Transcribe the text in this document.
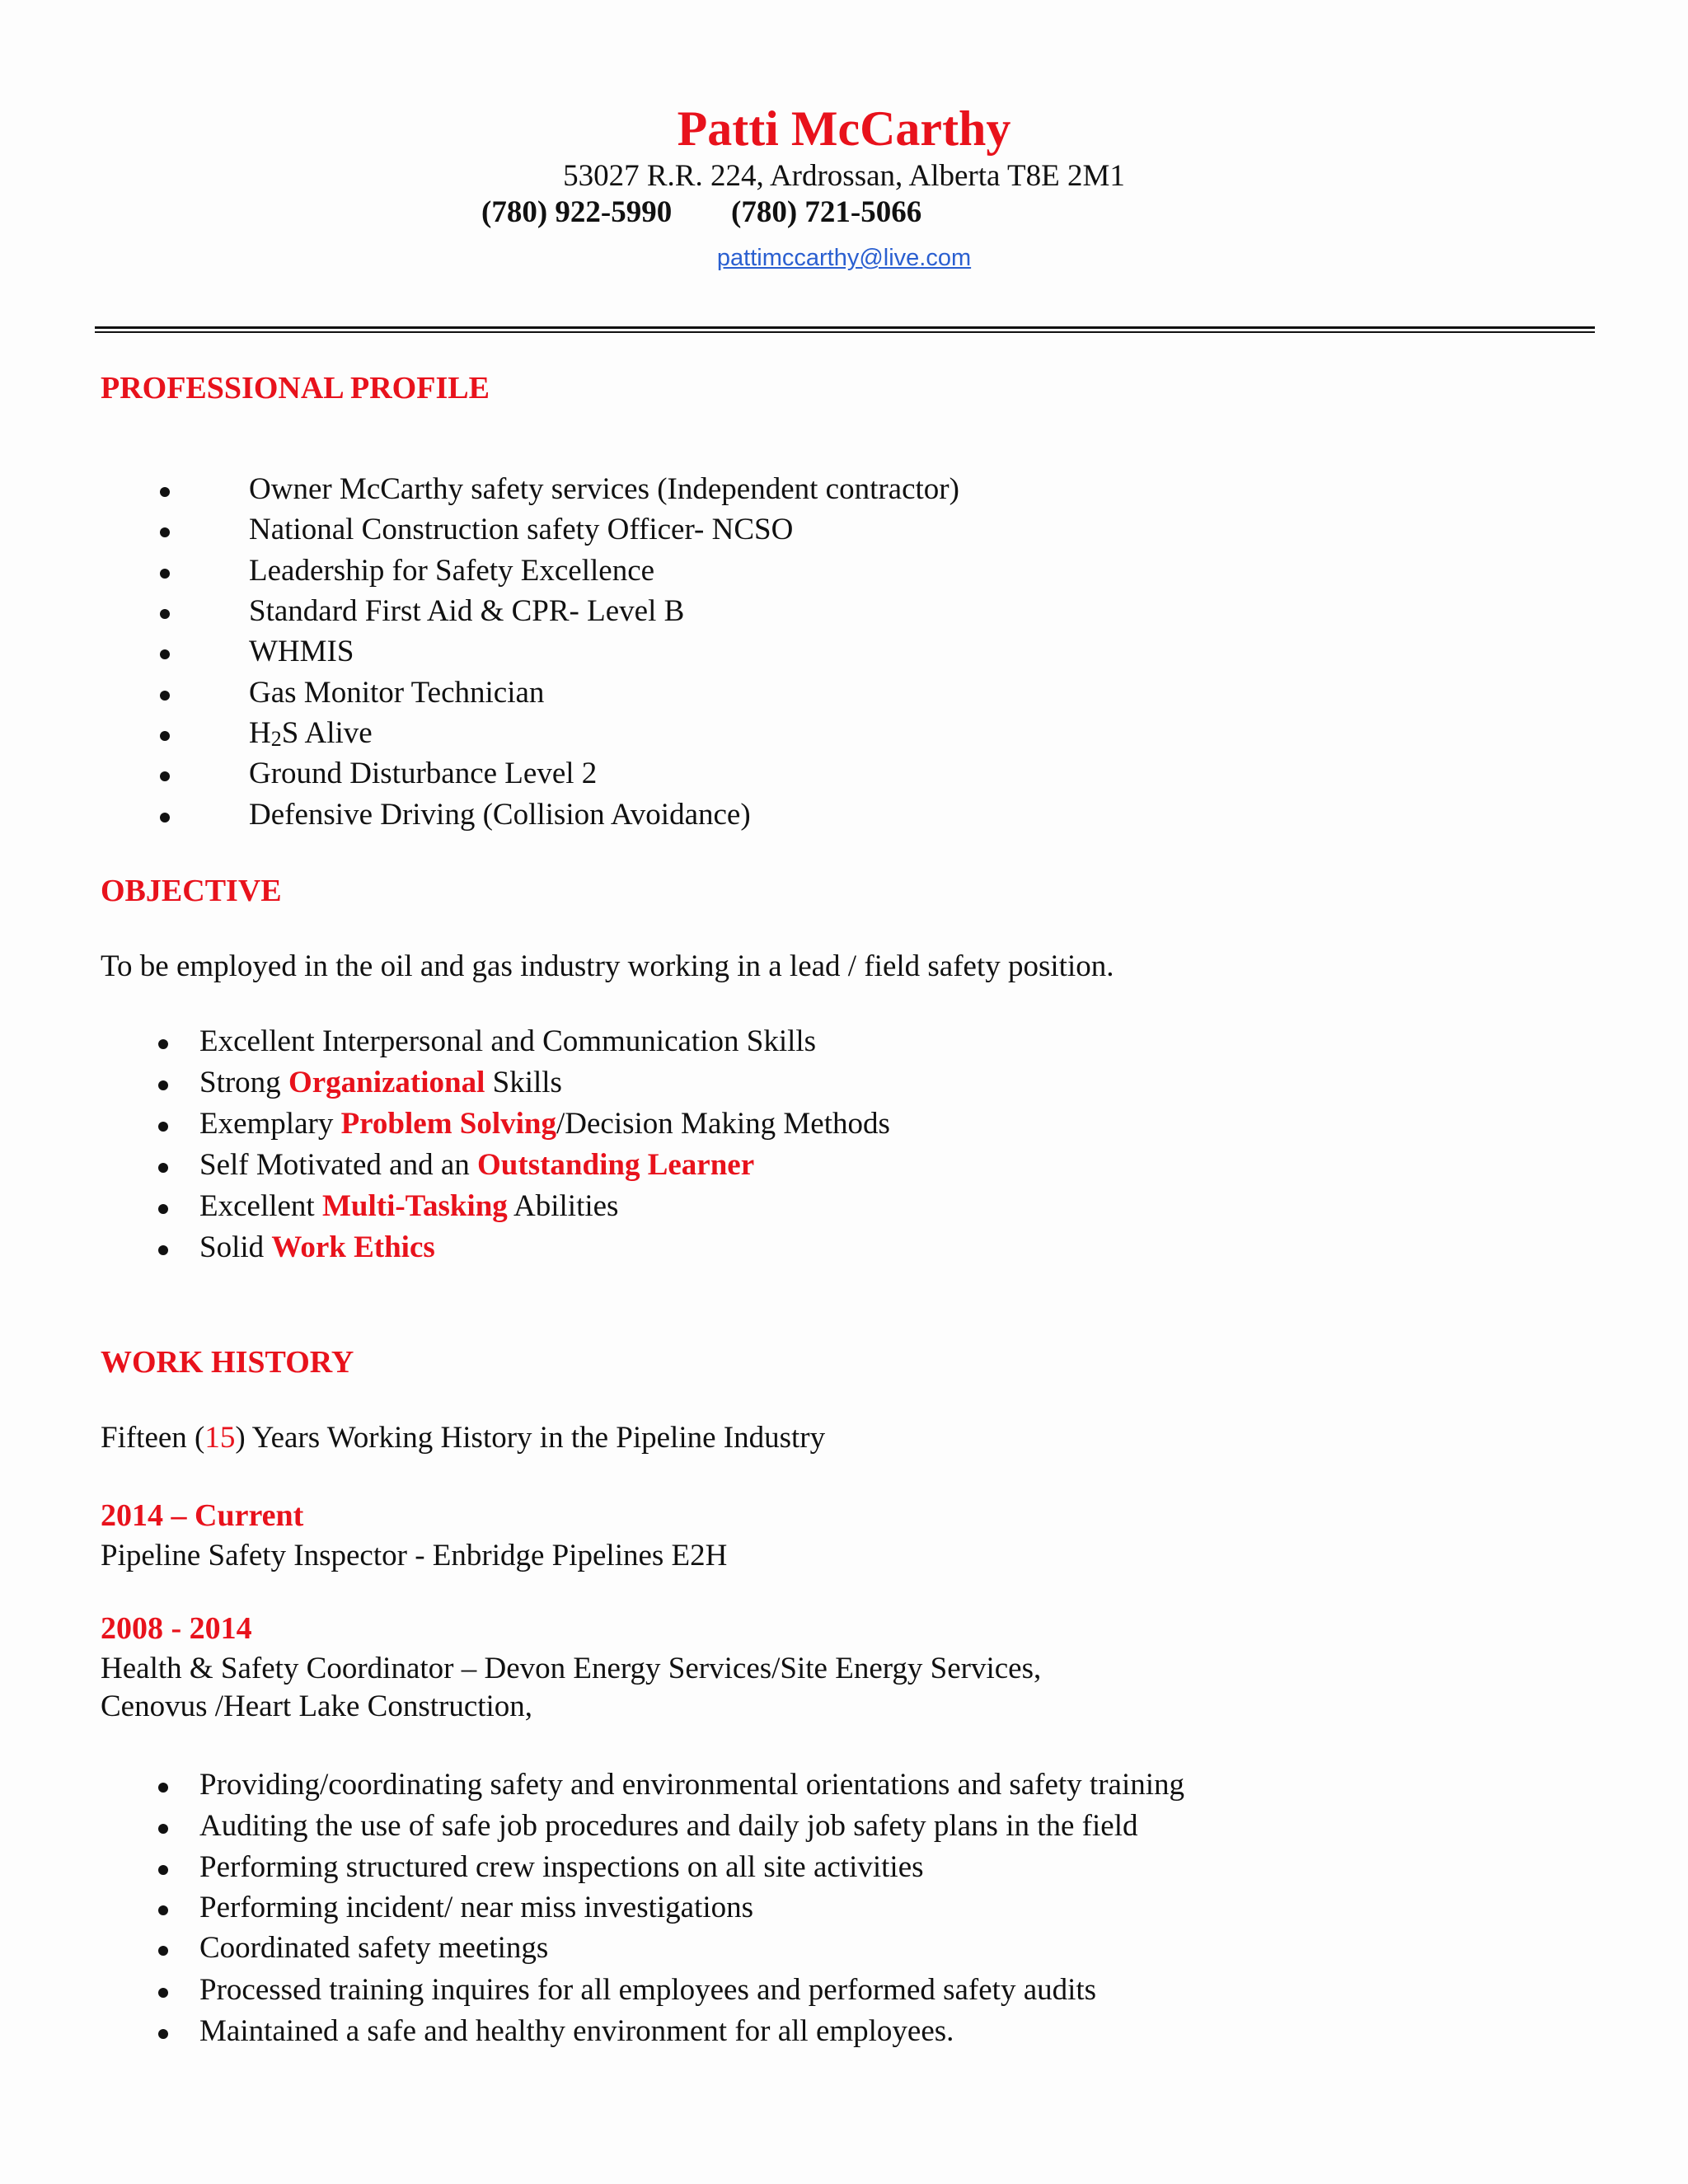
Patti McCarthy
53027 R.R. 224, Ardrossan, Alberta T8E 2M1
(780) 922-5990 (780) 721-5066
pattimccarthy@live.com
PROFESSIONAL PROFILE
Owner McCarthy safety services (Independent contractor)
National Construction safety Officer- NCSO
Leadership for Safety Excellence
Standard First Aid & CPR- Level B
WHMIS
Gas Monitor Technician
H2S Alive
Ground Disturbance Level 2
Defensive Driving (Collision Avoidance)
OBJECTIVE
To be employed in the oil and gas industry working in a lead / field safety position.
Excellent Interpersonal and Communication Skills
Strong Organizational Skills
Exemplary Problem Solving/Decision Making Methods
Self Motivated and an Outstanding Learner
Excellent Multi-Tasking Abilities
Solid Work Ethics
WORK HISTORY
Fifteen (15) Years Working History in the Pipeline Industry
2014 – Current
Pipeline Safety Inspector - Enbridge Pipelines E2H
2008 - 2014
Health & Safety Coordinator – Devon Energy Services/Site Energy Services,
Cenovus /Heart Lake Construction,
Providing/coordinating safety and environmental orientations and safety training
Auditing the use of safe job procedures and daily job safety plans in the field
Performing structured crew inspections on all site activities
Performing incident/ near miss investigations
Coordinated safety meetings
Processed training inquires for all employees and performed safety audits
Maintained a safe and healthy environment for all employees.
